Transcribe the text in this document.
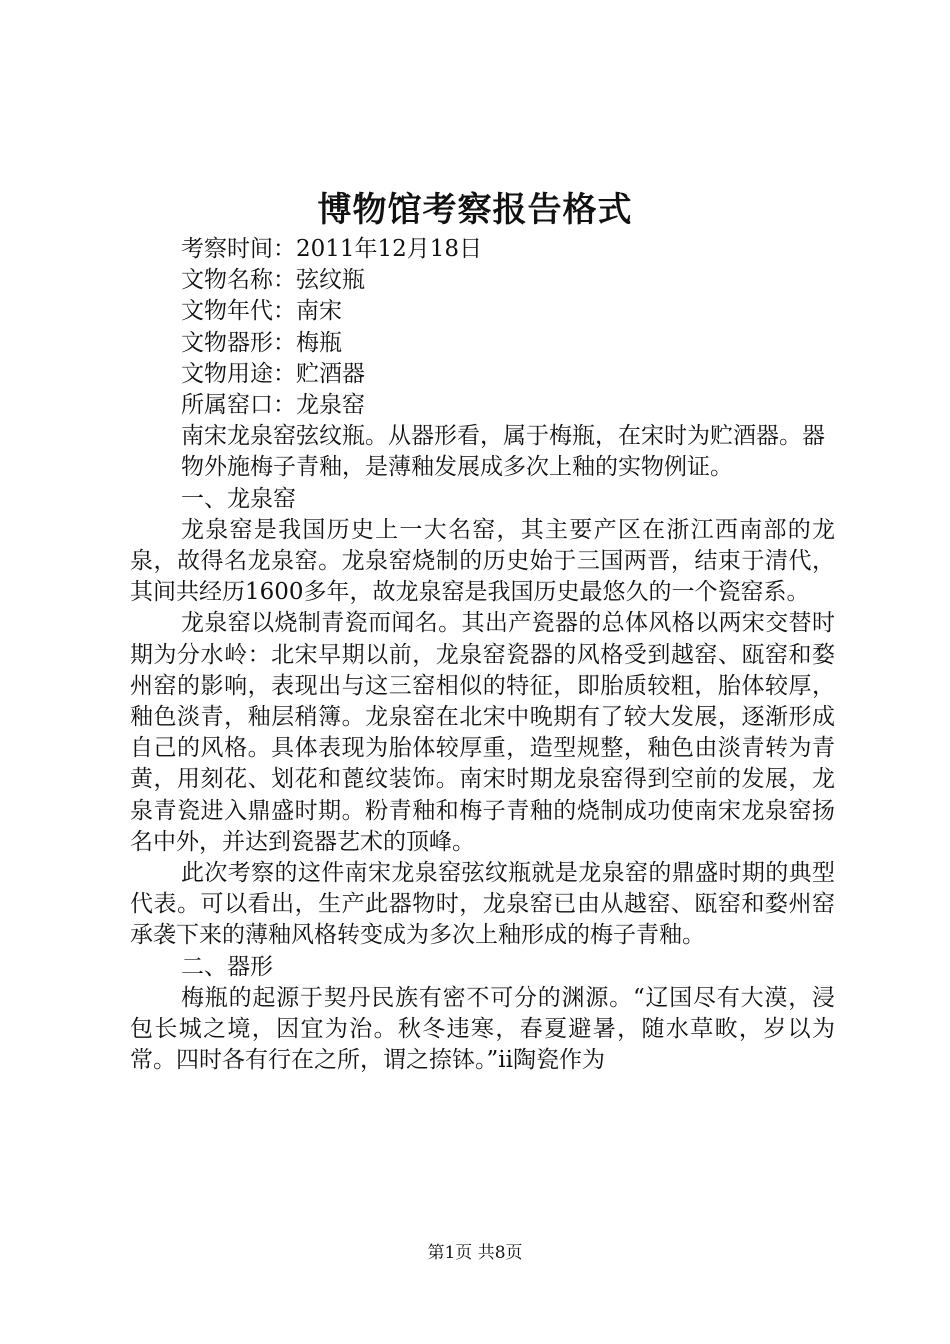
博物馆考察报告格式

考察时间：2011年12月18日

文物名称：弦纹瓶

文物年代：南宋

文物器形：梅瓶

文物用途：贮酒器

所属窑口：龙泉窑

南宋龙泉窑弦纹瓶。从器形看，属于梅瓶，在宋时为贮酒器。器物外施梅子青釉，是薄釉发展成多次上釉的实物例证。

一、龙泉窑

龙泉窑是我国历史上一大名窑，其主要产区在浙江西南部的龙泉，故得名龙泉窑。龙泉窑烧制的历史始于三国两晋，结束于清代，其间共经历1600多年，故龙泉窑是我国历史最悠久的一个瓷窑系。

龙泉窑以烧制青瓷而闻名。其出产瓷器的总体风格以两宋交替时期为分水岭：北宋早期以前，龙泉窑瓷器的风格受到越窑、瓯窑和婺州窑的影响，表现出与这三窑相似的特征，即胎质较粗，胎体较厚，釉色淡青，釉层稍簿。龙泉窑在北宋中晚期有了较大发展，逐渐形成自己的风格。具体表现为胎体较厚重，造型规整，釉色由淡青转为青黄，用刻花、划花和蓖纹装饰。南宋时期龙泉窑得到空前的发展，龙泉青瓷进入鼎盛时期。粉青釉和梅子青釉的烧制成功使南宋龙泉窑扬名中外，并达到瓷器艺术的顶峰。

此次考察的这件南宋龙泉窑弦纹瓶就是龙泉窑的鼎盛时期的典型代表。可以看出，生产此器物时，龙泉窑已由从越窑、瓯窑和婺州窑承袭下来的薄釉风格转变成为多次上釉形成的梅子青釉。

二、器形

梅瓶的起源于契丹民族有密不可分的渊源。“辽国尽有大漠，浸包长城之境，因宜为治。秋冬违寒，春夏避暑，随水草畋，岁以为常。四时各有行在之所，谓之捺钵。”ii陶瓷作为

第1页 共8页
